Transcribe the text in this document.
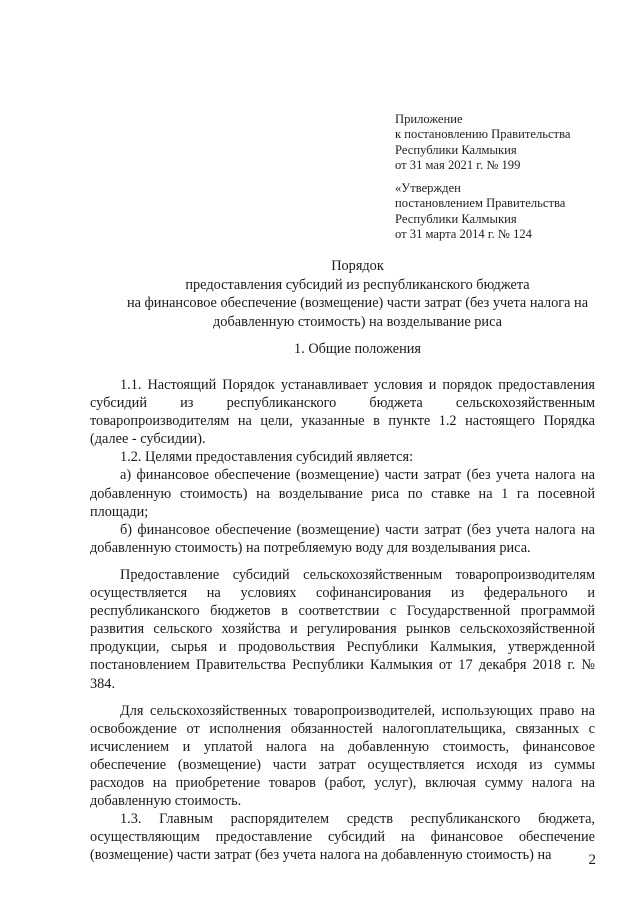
Приложение
к постановлению Правительства
Республики Калмыкия
от 31 мая 2021 г. № 199
«Утвержден
постановлением Правительства
Республики Калмыкия
от 31 марта 2014 г. № 124
Порядок
предоставления субсидий из республиканского бюджета
на финансовое обеспечение (возмещение) части затрат (без учета налога на
добавленную стоимость) на возделывание риса
1. Общие положения

1.1. Настоящий Порядок устанавливает условия и порядок предоставления субсидий из республиканского бюджета сельскохозяйственным товаропроизводителям на цели, указанные в пункте 1.2 настоящего Порядка (далее - субсидии).

1.2. Целями предоставления субсидий является:

а) финансовое обеспечение (возмещение) части затрат (без учета налога на добавленную стоимость) на возделывание риса по ставке на 1 га посевной площади;

б) финансовое обеспечение (возмещение) части затрат (без учета налога на добавленную стоимость) на потребляемую воду для возделывания риса.

Предоставление субсидий сельскохозяйственным товаропроизводителям осуществляется на условиях софинансирования из федерального и республиканского бюджетов в соответствии с Государственной программой развития сельского хозяйства и регулирования рынков сельскохозяйственной продукции, сырья и продовольствия Республики Калмыкия, утвержденной постановлением Правительства Республики Калмыкия от 17 декабря 2018 г. № 384.

Для сельскохозяйственных товаропроизводителей, использующих право на освобождение от исполнения обязанностей налогоплательщика, связанных с исчислением и уплатой налога на добавленную стоимость, финансовое обеспечение (возмещение) части затрат осуществляется исходя из суммы расходов на приобретение товаров (работ, услуг), включая сумму налога на добавленную стоимость.

1.3. Главным распорядителем средств республиканского бюджета, осуществляющим предоставление субсидий на финансовое обеспечение (возмещение) части затрат (без учета налога на добавленную стоимость) на	2
